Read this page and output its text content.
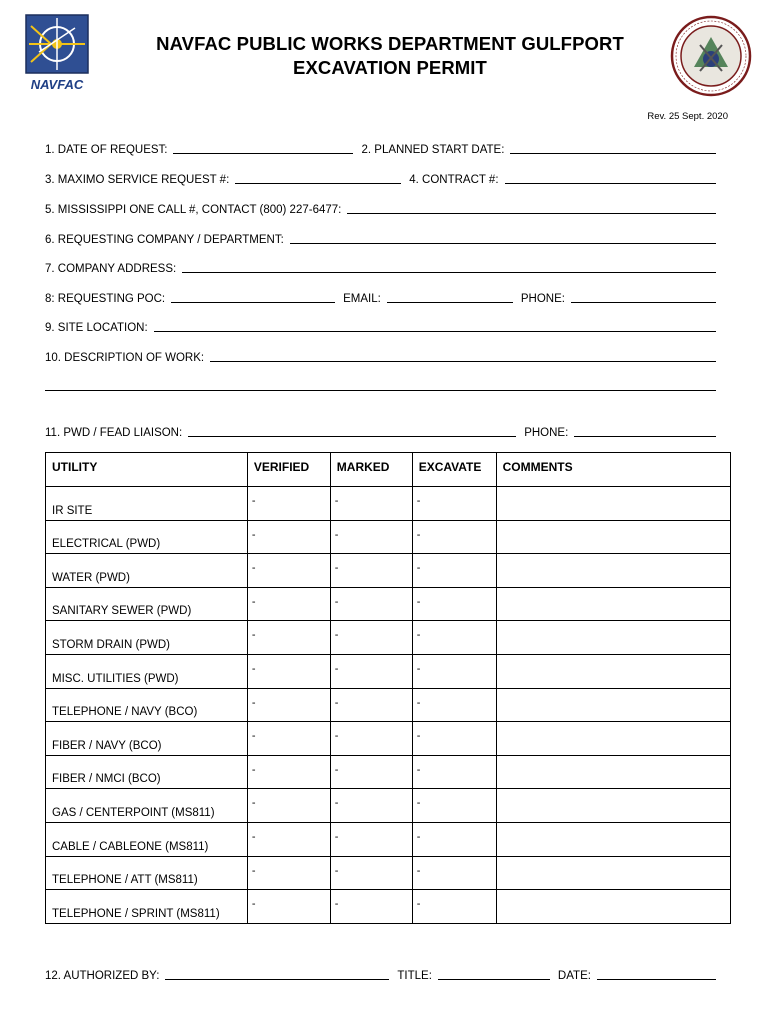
NAVFAC
NAVFAC PUBLIC WORKS DEPARTMENT GULFPORT
EXCAVATION PERMIT
Rev. 25 Sept. 2020
1. DATE OF REQUEST:	2. PLANNED START DATE:
3. MAXIMO SERVICE REQUEST #:	4. CONTRACT #:
5. MISSISSIPPI ONE CALL #, CONTACT (800) 227-6477:
6. REQUESTING COMPANY / DEPARTMENT:
7. COMPANY ADDRESS:
8: REQUESTING POC:	EMAIL:	PHONE:
9. SITE LOCATION:
10. DESCRIPTION OF WORK:
11. PWD / FEAD LIAISON:	PHONE:
UTILITY	VERIFIED	MARKED	EXCAVATE	COMMENTS
IR SITE	-	-	-	

ELECTRICAL (PWD)	-	-	-	

WATER (PWD)	-	-	-	

SANITARY SEWER (PWD)	-	-	-	

STORM DRAIN (PWD)	-	-	-	

MISC. UTILITIES (PWD)	-	-	-	

TELEPHONE / NAVY (BCO)	-	-	-	

FIBER / NAVY (BCO)	-	-	-	

FIBER / NMCI (BCO)	-	-	-	

GAS / CENTERPOINT (MS811)	-	-	-	

CABLE / CABLEONE (MS811)	-	-	-	

TELEPHONE / ATT (MS811)	-	-	-	

TELEPHONE / SPRINT (MS811)	-	-	-	

12. AUTHORIZED BY:	TITLE:	DATE:
